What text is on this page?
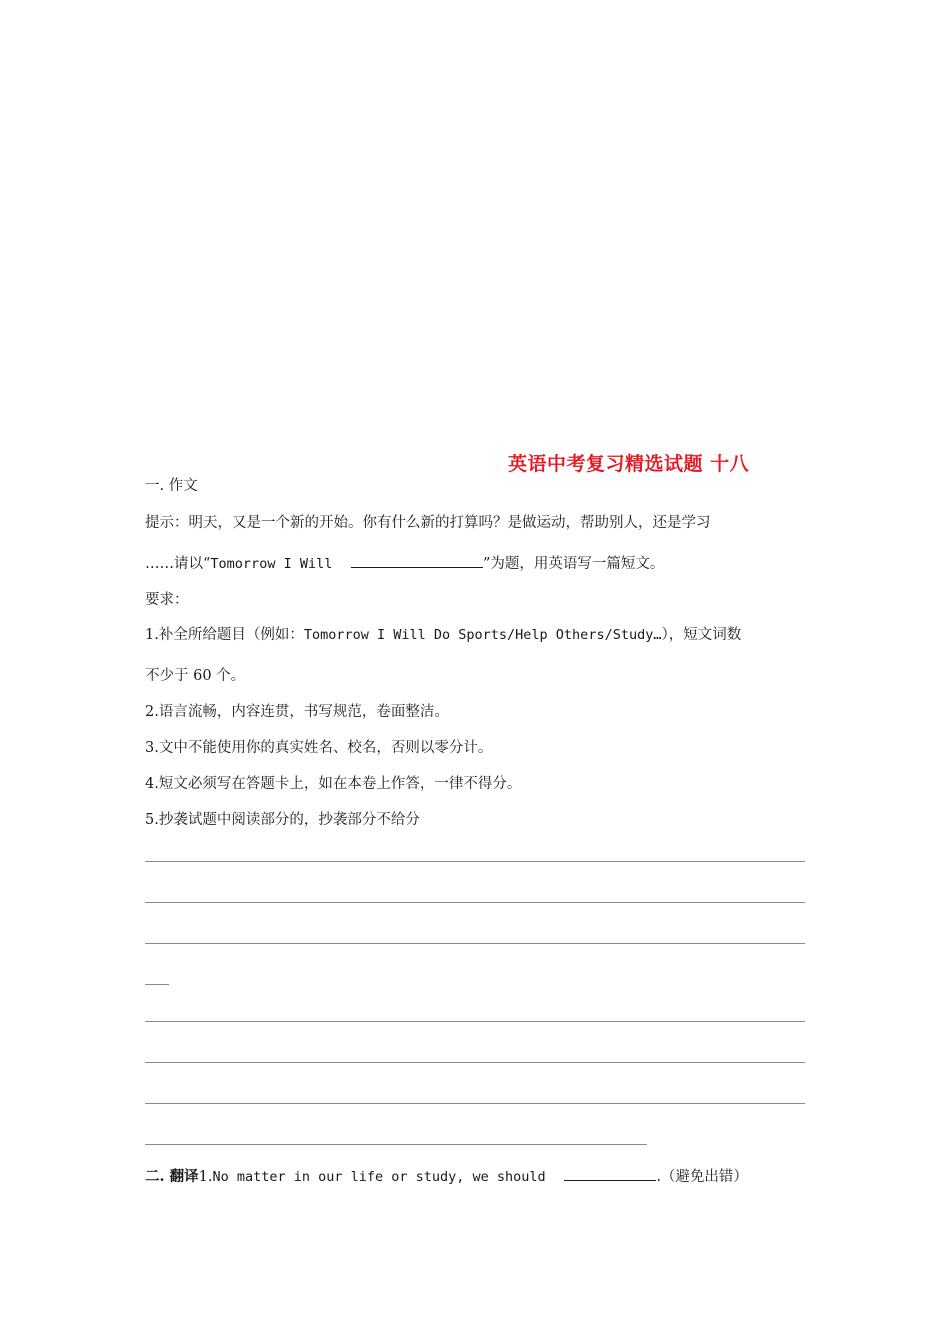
英语中考复习精选试题 十八
一. 作文
提示：明天，又是一个新的开始。你有什么新的打算吗？是做运动，帮助别人，还是学习
……请以“Tomorrow I Will	”为题，用英语写一篇短文。
要求：
1.补全所给题目（例如：Tomorrow I Will Do Sports/Help Others/Study…），短文词数
不少于 60 个。
2.语言流畅，内容连贯，书写规范，卷面整洁。
3.文中不能使用你的真实姓名、校名，否则以零分计。
4.短文必须写在答题卡上，如在本卷上作答，一律不得分。
5.抄袭试题中阅读部分的，抄袭部分不给分
二. 翻译1.No matter in our life or study, we should	.（避免出错）
